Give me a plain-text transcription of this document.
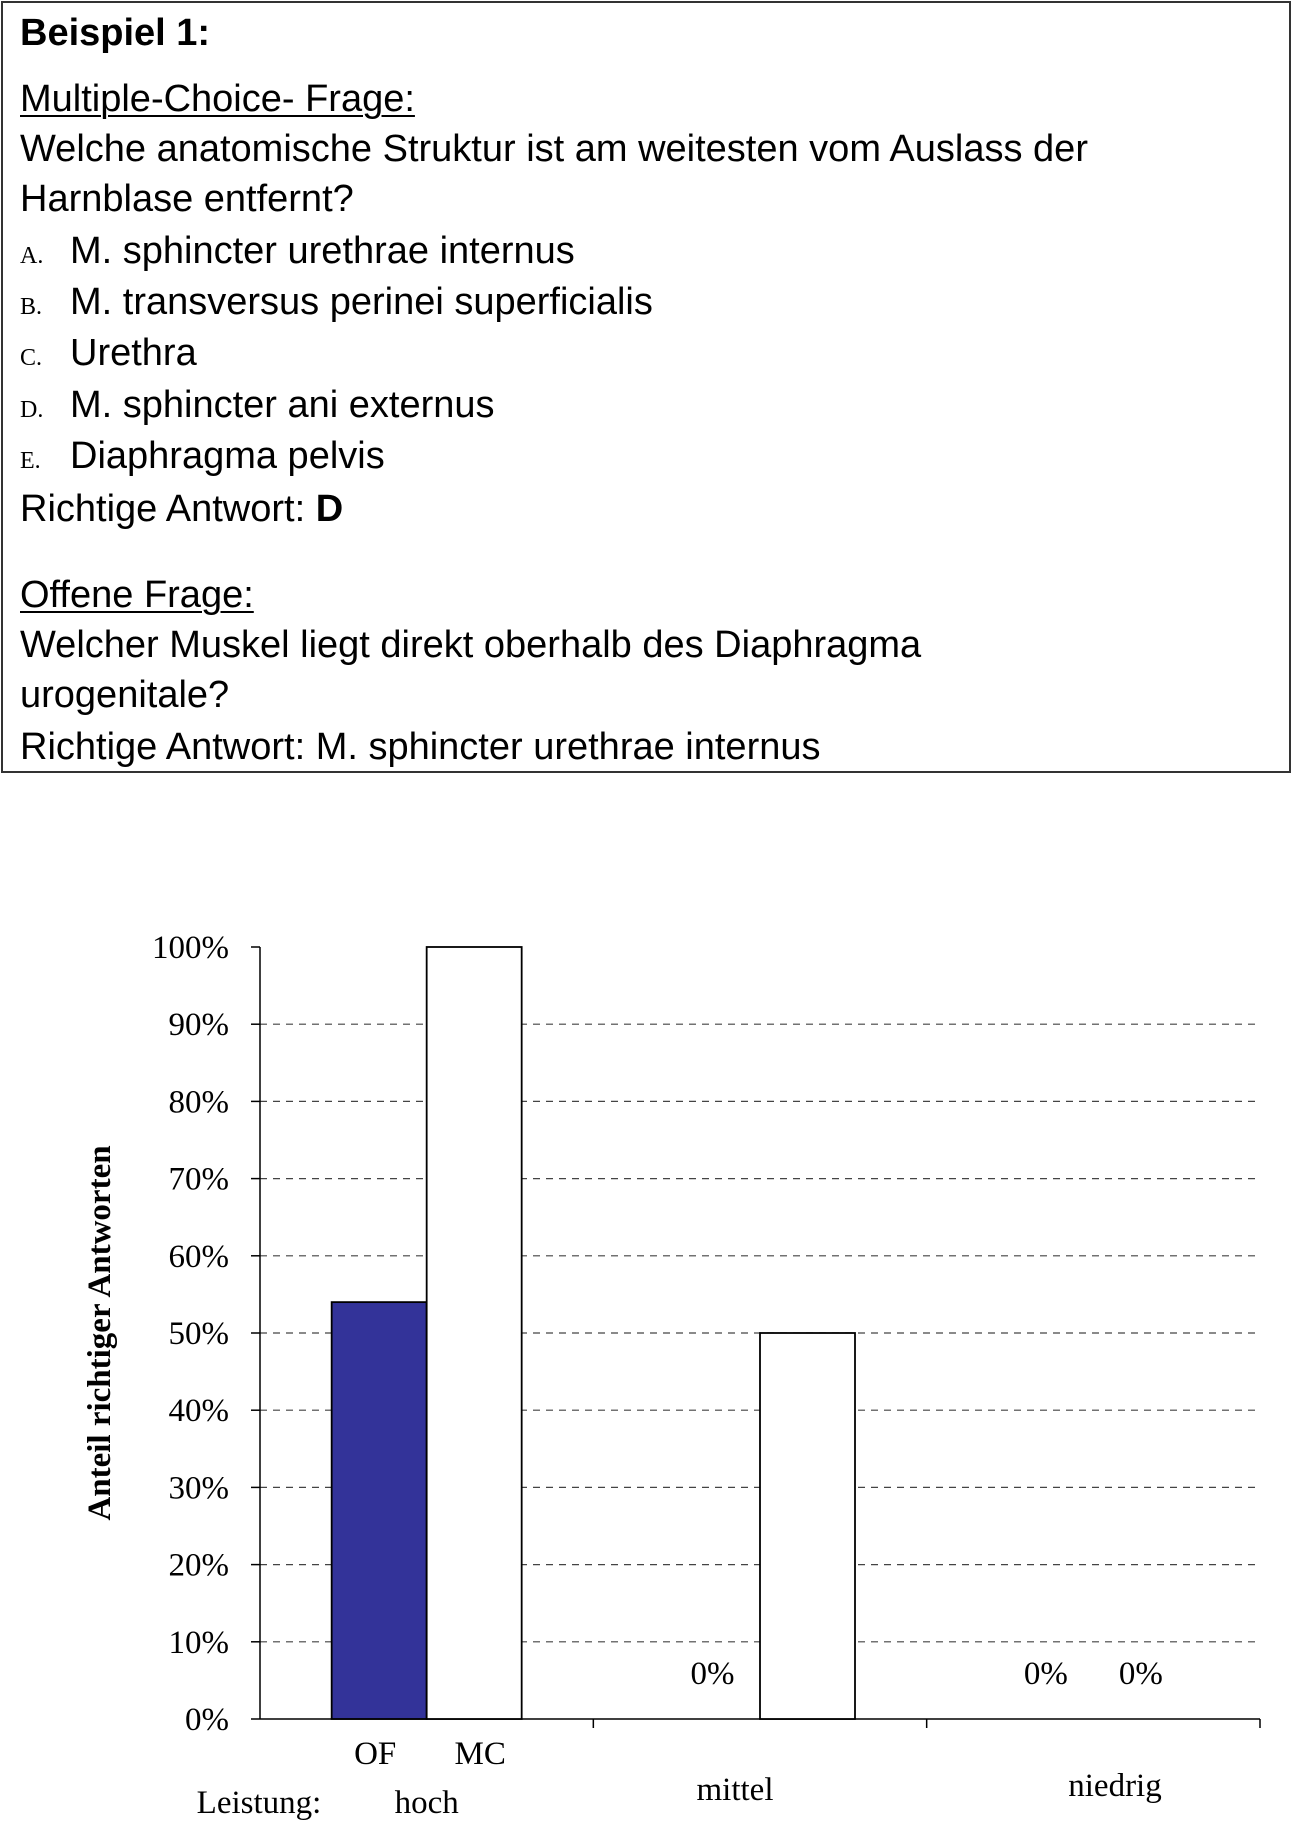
Beispiel 1:
Multiple-Choice- Frage:
Welche anatomische Struktur ist am weitesten vom Auslass der
Harnblase entfernt?
A. M. sphincter urethrae internus
B. M. transversus perinei superficialis
C. Urethra
D. M. sphincter ani externus
E. Diaphragma pelvis
Richtige Antwort: D
Offene Frage:
Welcher Muskel liegt direkt oberhalb des Diaphragma
urogenitale?
Richtige Antwort: M. sphincter urethrae internus
0%
10%
20%
30%
40%
50%
60%
70%
80%
90%
100%
0%	0% 0%
OF MC
hoch	mittel	niedrig
Leistung:
Anteil richtiger Antworten
